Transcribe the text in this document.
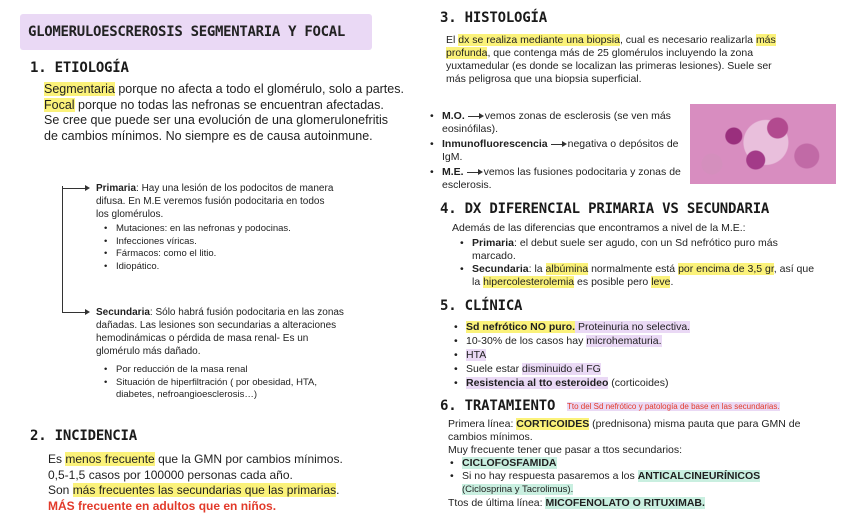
GLOMERULOESCREROSIS SEGMENTARIA Y FOCAL
1. ETIOLOGÍA
Segmentaria porque no afecta a todo el glomérulo, solo a partes.
Focal porque no todas las nefronas se encuentran afectadas.
Se cree que puede ser una evolución de una glomerulonefritis de cambios mínimos. No siempre es de causa autoinmune.
Primaria: Hay una lesión de los podocitos de manera difusa. En M.E veremos fusión podocitaria en todos los glomérulos.
• Mutaciones: en las nefronas y podocinas.
• Infecciones víricas.
• Fármacos: como el litio.
• Idiopático.
Secundaria: Sólo habrá fusión podocitaria en las zonas dañadas. Las lesiones son secundarias a alteraciones hemodinámicas o pérdida de masa renal- Es un glomérulo más dañado.
• Por reducción de la masa renal
• Situación de hiperfiltración ( por obesidad, HTA, diabetes, nefroangioesclerosis…)
2. INCIDENCIA
Es menos frecuente que la GMN por cambios mínimos.
0,5-1,5 casos por 100000 personas cada año.
Son más frecuentes las secundarias que las primarias.
MÁS frecuente en adultos que en niños.
3. HISTOLOGÍA
El dx se realiza mediante una biopsia, cual es necesario realizarla más profunda, que contenga más de 25 glomérulos incluyendo la zona yuxtamedular (es donde se localizan las primeras lesiones). Suele ser más peligrosa que una biopsia superficial.
• M.O. vemos zonas de esclerosis (se ven más eosinófilas).
• Inmunofluorescencia negativa o depósitos de IgM.
• M.E. vemos las fusiones podocitaria y zonas de esclerosis.
4. DX DIFERENCIAL PRIMARIA VS SECUNDARIA
Además de las diferencias que encontramos a nivel de la M.E.:
• Primaria: el debut suele ser agudo, con un Sd nefrótico puro más marcado.
• Secundaria: la albúmina normalmente está por encima de 3,5 gr, así que la hipercolesterolemia es posible pero leve.
5. CLÍNICA
• Sd nefrótico NO puro. Proteinuria no selectiva.
• 10-30% de los casos hay microhematuria.
• HTA
• Suele estar disminuido el FG
• Resistencia al tto esteroideo (corticoides)
6. TRATAMIENTO Tto del Sd nefrótico y patología de base en las secundarias.
Primera línea: CORTICOIDES (prednisona) misma pauta que para GMN de cambios mínimos.
Muy frecuente tener que pasar a ttos secundarios:
• CICLOFOSFAMIDA
• Si no hay respuesta pasaremos a los ANTICALCINEURÍNICOS
(Ciclosprina y Tacrolimus).
Ttos de última línea: MICOFENOLATO O RITUXIMAB.
